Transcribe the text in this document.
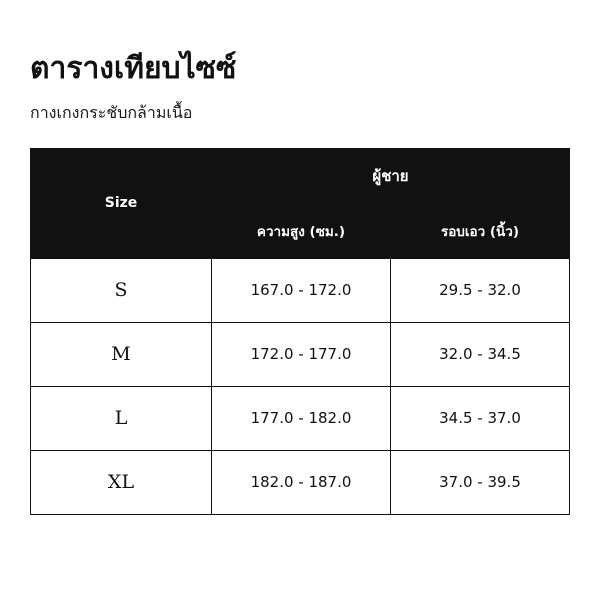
ตารางเทียบไซซ์
กางเกงกระชับกล้ามเนื้อ
Size	ผู้ชาย	
	ความสูง (ซม.)	รอบเอว (นิ้ว)
S	167.0 - 172.0	29.5 - 32.0
M	172.0 - 177.0	32.0 - 34.5
L	177.0 - 182.0	34.5 - 37.0
XL	182.0 - 187.0	37.0 - 39.5
